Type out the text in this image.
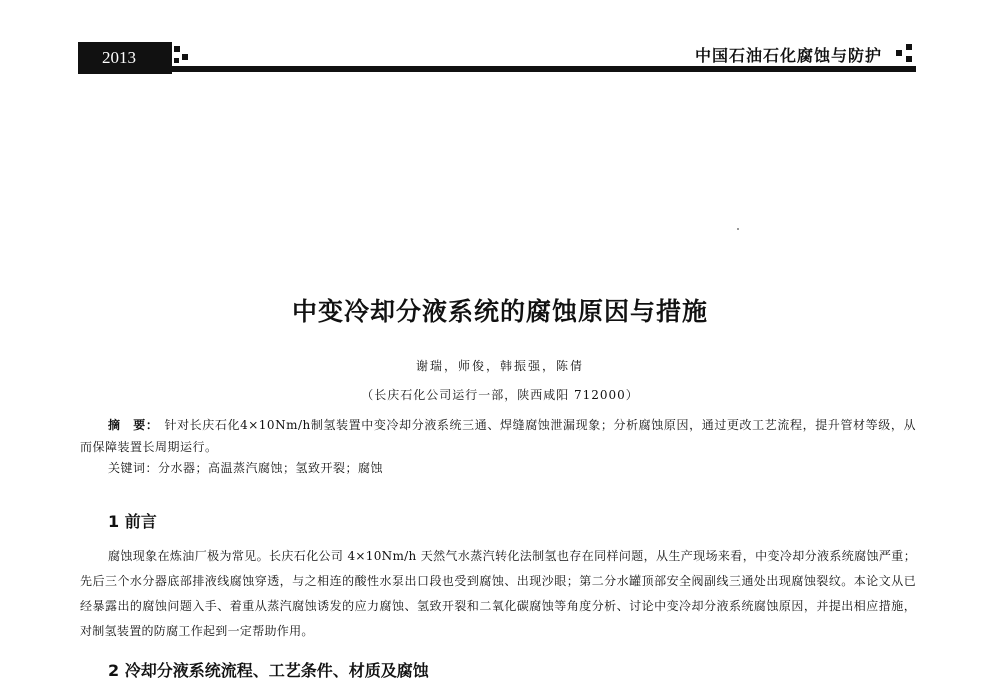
2013	中国石油石化腐蚀与防护
中变冷却分液系统的腐蚀原因与措施
谢瑞，师俊，韩振强，陈倩
（长庆石化公司运行一部，陕西咸阳 712000）
摘　要： 针对长庆石化4×10Nm/h制氢装置中变冷却分液系统三通、焊缝腐蚀泄漏现象；分析腐蚀原因，通过更改工艺流程，提升管材等级，从而保障装置长周期运行。
关键词：分水器；高温蒸汽腐蚀；氢致开裂；腐蚀
1 前言
腐蚀现象在炼油厂极为常见。长庆石化公司 4×10Nm/h 天然气水蒸汽转化法制氢也存在同样问题，从生产现场来看，中变冷却分液系统腐蚀严重；先后三个水分器底部排液线腐蚀穿透，与之相连的酸性水泵出口段也受到腐蚀、出现沙眼；第二分水罐顶部安全阀副线三通处出现腐蚀裂纹。本论文从已经暴露出的腐蚀问题入手、着重从蒸汽腐蚀诱发的应力腐蚀、氢致开裂和二氧化碳腐蚀等角度分析、讨论中变冷却分液系统腐蚀原因，并提出相应措施，对制氢装置的防腐工作起到一定帮助作用。
2 冷却分液系统流程、工艺条件、材质及腐蚀
